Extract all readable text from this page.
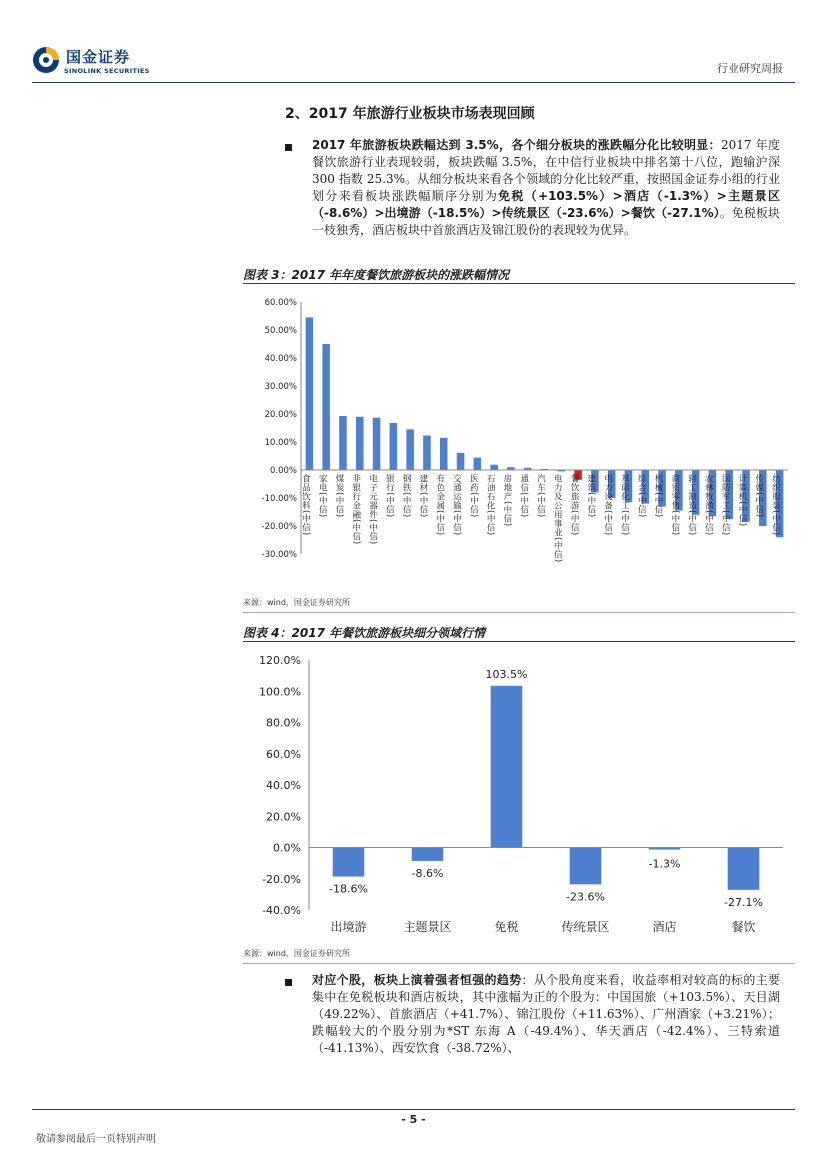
国金证券
SINOLINK SECURITIES	行业研究周报
2、2017 年旅游行业板块市场表现回顾
2017 年旅游板块跌幅达到 3.5%，各个细分板块的涨跌幅分化比较明显：2017 年度餐饮旅游行业表现较弱，板块跌幅 3.5%，在中信行业板块中排名第十八位，跑输沪深 300 指数 25.3%。从细分板块来看各个领域的分化比较严重，按照国金证券小组的行业划分来看板块涨跌幅顺序分别为免税（+103.5%）>酒店（-1.3%）>主题景区（-8.6%）>出境游（-18.5%）>传统景区（-23.6%）>餐饮（-27.1%）。免税板块一枝独秀，酒店板块中首旅酒店及锦江股份的表现较为优异。
图表 3：2017 年年度餐饮旅游板块的涨跌幅情况
-30.00%
-20.00%
-10.00%
0.00%
10.00%
20.00%
30.00%
40.00%
50.00%
60.00%
食品饮料(中信) 家电(中信) 煤炭(中信) 非银行金融(中信) 电子元器件(中信) 银行(中信) 钢铁(中信) 建材(中信) 有色金属(中信) 交通运输(中信) 医药(中信) 石油石化(中信) 房地产(中信) 通信(中信) 汽车(中信) 电力及公用事业(中信) 餐饮旅游(中信) 建筑(中信) 电力设备(中信) 基础化工(中信) 综合(中信) 机械(中信) 商贸零售(中信) 轻工制造(中信) 农林牧渔(中信) 国防军工(中信) 计算机(中信) 传媒(中信) 纺织服装(中信)
来源：wind，国金证券研究所
图表 4：2017 年餐饮旅游板块细分领域行情
-40.0%
-20.0%
0.0%
20.0%
40.0%
60.0%
80.0%
100.0%
120.0%
-18.6%
出境游
-8.6%
主题景区
103.5%
免税
-23.6%
传统景区
-1.3%
酒店
-27.1%
餐饮
来源：wind，国金证券研究所
对应个股，板块上演着强者恒强的趋势：从个股角度来看，收益率相对较高的标的主要集中在免税板块和酒店板块，其中涨幅为正的个股为：中国国旅（+103.5%）、天目湖（49.22%）、首旅酒店（+41.7%）、锦江股份（+11.63%）、广州酒家（+3.21%）；跌幅较大的个股分别为*ST 东海 A（-49.4%）、华天酒店（-42.4%）、三特索道（-41.13%）、西安饮食（-38.72%）、
- 5 -
敬请参阅最后一页特别声明
